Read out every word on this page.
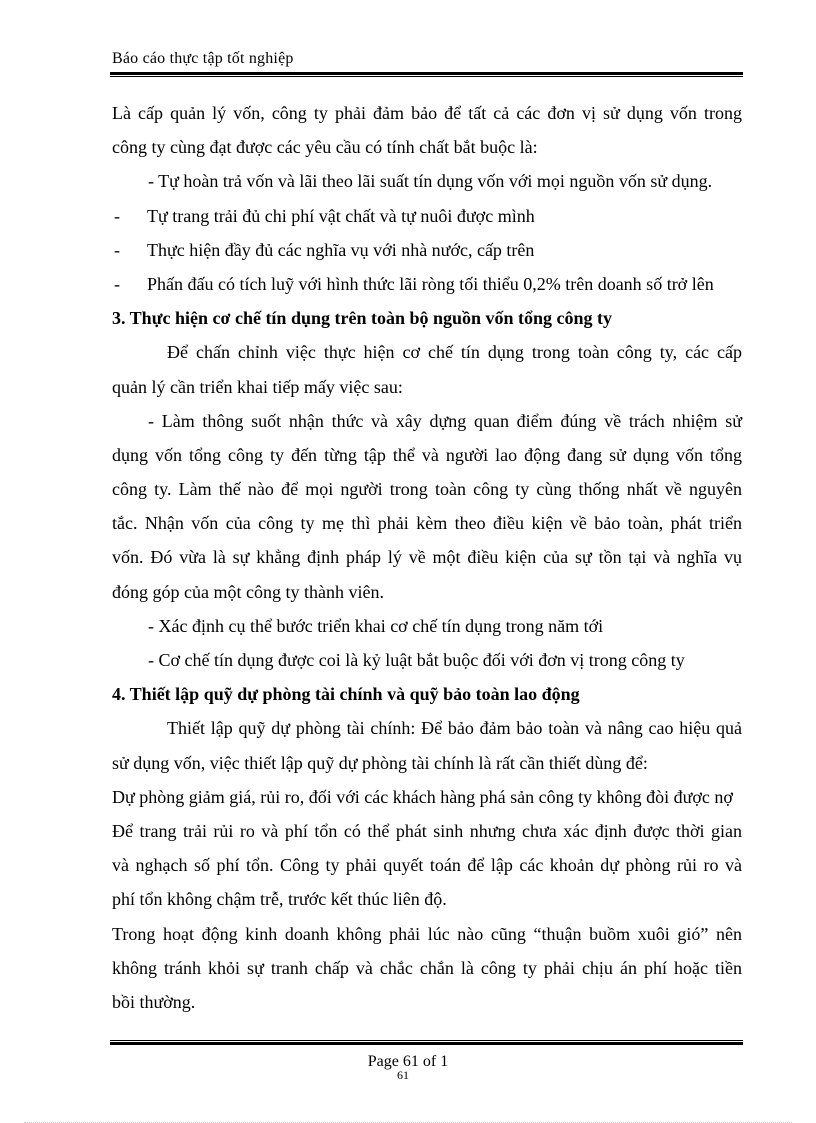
Báo cáo thực tập tốt nghiệp
Là cấp quản lý vốn, công ty phải đảm bảo để tất cả các đơn vị sử dụng vốn trong
công ty cùng đạt được các yêu cầu có tính chất bắt buộc là:
- Tự hoàn trả vốn và lãi theo lãi suất tín dụng vốn với mọi nguồn vốn sử dụng.
- Tự trang trải đủ chi phí vật chất và tự nuôi được mình
- Thực hiện đầy đủ các nghĩa vụ với nhà nước, cấp trên
- Phấn đấu có tích luỹ với hình thức lãi ròng tối thiểu 0,2% trên doanh số trở lên
3. Thực hiện cơ chế tín dụng trên toàn bộ nguồn vốn tổng công ty
Để chấn chỉnh việc thực hiện cơ chế tín dụng trong toàn công ty, các cấp
quản lý cần triển khai tiếp mấy việc sau:
- Làm thông suốt nhận thức và xây dựng quan điểm đúng về trách nhiệm sử
dụng vốn tổng công ty đến từng tập thể và người lao động đang sử dụng vốn tổng
công ty. Làm thế nào để mọi người trong toàn công ty cùng thống nhất về nguyên
tắc. Nhận vốn của công ty mẹ thì phải kèm theo điều kiện về bảo toàn, phát triển
vốn. Đó vừa là sự khẳng định pháp lý về một điều kiện của sự tồn tại và nghĩa vụ
đóng góp của một công ty thành viên.
- Xác định cụ thể bước triển khai cơ chế tín dụng trong năm tới
- Cơ chế tín dụng được coi là kỷ luật bắt buộc đối với đơn vị trong công ty
4. Thiết lập quỹ dự phòng tài chính và quỹ bảo toàn lao động
Thiết lập quỹ dự phòng tài chính: Để bảo đảm bảo toàn và nâng cao hiệu quả
sử dụng vốn, việc thiết lập quỹ dự phòng tài chính là rất cần thiết dùng để:
Dự phòng giảm giá, rủi ro, đối với các khách hàng phá sản công ty không đòi được nợ
Để trang trải rủi ro và phí tổn có thể phát sinh nhưng chưa xác định được thời gian
và nghạch số phí tổn. Công ty phải quyết toán để lập các khoản dự phòng rủi ro và
phí tổn không chậm trễ, trước kết thúc liên độ.
Trong hoạt động kinh doanh không phải lúc nào cũng “thuận buồm xuôi gió” nên
không tránh khỏi sự tranh chấp và chắc chắn là công ty phải chịu án phí hoặc tiền
bồi thường.
Page 61 of 1
61
